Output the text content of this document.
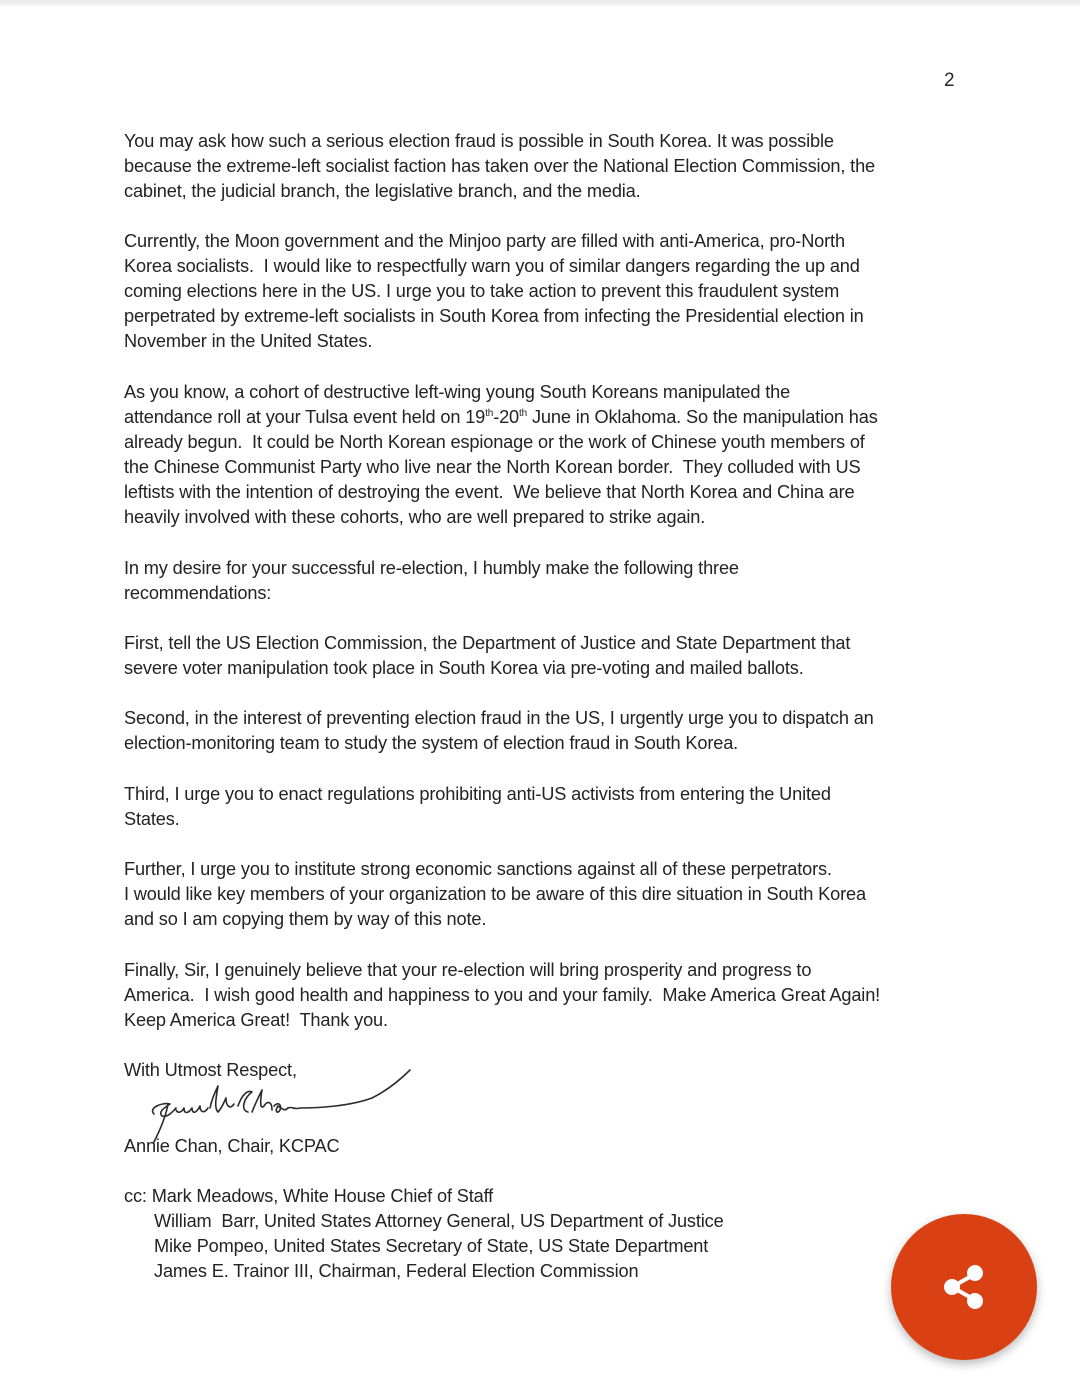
2
You may ask how such a serious election fraud is possible in South Korea. It was possible
because the extreme-left socialist faction has taken over the National Election Commission, the
cabinet, the judicial branch, the legislative branch, and the media.
Currently, the Moon government and the Minjoo party are filled with anti-America, pro-North
Korea socialists.  I would like to respectfully warn you of similar dangers regarding the up and
coming elections here in the US. I urge you to take action to prevent this fraudulent system
perpetrated by extreme-left socialists in South Korea from infecting the Presidential election in
November in the United States.
As you know, a cohort of destructive left-wing young South Koreans manipulated the
attendance roll at your Tulsa event held on 19th-20th June in Oklahoma. So the manipulation has
already begun.  It could be North Korean espionage or the work of Chinese youth members of
the Chinese Communist Party who live near the North Korean border.  They colluded with US
leftists with the intention of destroying the event.  We believe that North Korea and China are
heavily involved with these cohorts, who are well prepared to strike again.
In my desire for your successful re-election, I humbly make the following three
recommendations:
First, tell the US Election Commission, the Department of Justice and State Department that
severe voter manipulation took place in South Korea via pre-voting and mailed ballots.
Second, in the interest of preventing election fraud in the US, I urgently urge you to dispatch an
election-monitoring team to study the system of election fraud in South Korea.
Third, I urge you to enact regulations prohibiting anti-US activists from entering the United
States.
Further, I urge you to institute strong economic sanctions against all of these perpetrators.
I would like key members of your organization to be aware of this dire situation in South Korea
and so I am copying them by way of this note.
Finally, Sir, I genuinely believe that your re-election will bring prosperity and progress to
America.  I wish good health and happiness to you and your family.  Make America Great Again!
Keep America Great!  Thank you.
With Utmost Respect,
Annie Chan, Chair, KCPAC
cc: Mark Meadows, White House Chief of Staff
William  Barr, United States Attorney General, US Department of Justice
Mike Pompeo, United States Secretary of State, US State Department
James E. Trainor III, Chairman, Federal Election Commission
